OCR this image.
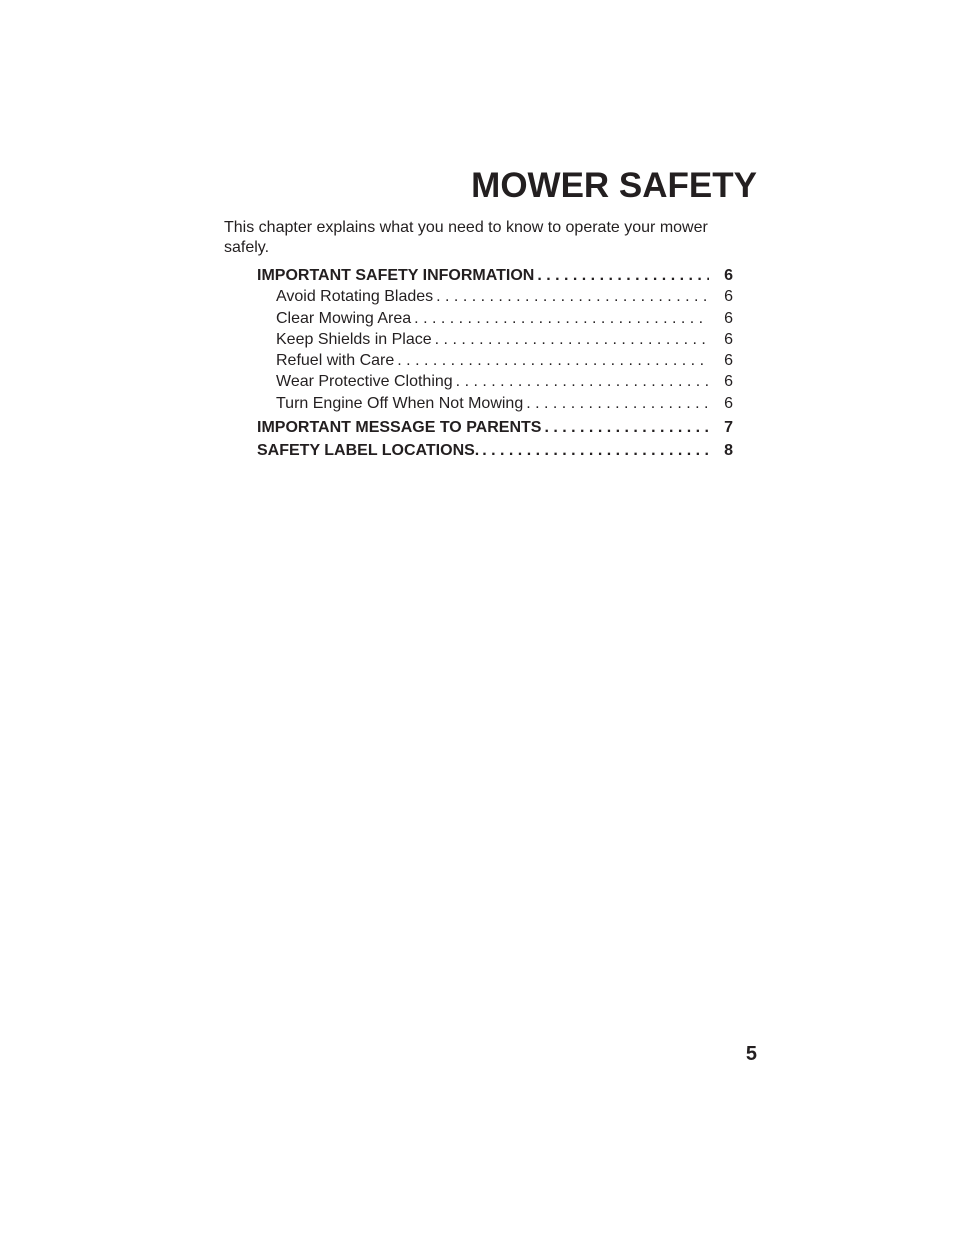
MOWER SAFETY

This chapter explains what you need to know to operate your mower safely.

IMPORTANT SAFETY INFORMATION . . .	6
Avoid Rotating Blades . . .	6
Clear Mowing Area . . .	6
Keep Shields in Place . . .	6
Refuel with Care . . .	6
Wear Protective Clothing . . .	6
Turn Engine Off When Not Mowing . . .	6
IMPORTANT MESSAGE TO PARENTS . . .	7
SAFETY LABEL LOCATIONS. . . .	8

5
